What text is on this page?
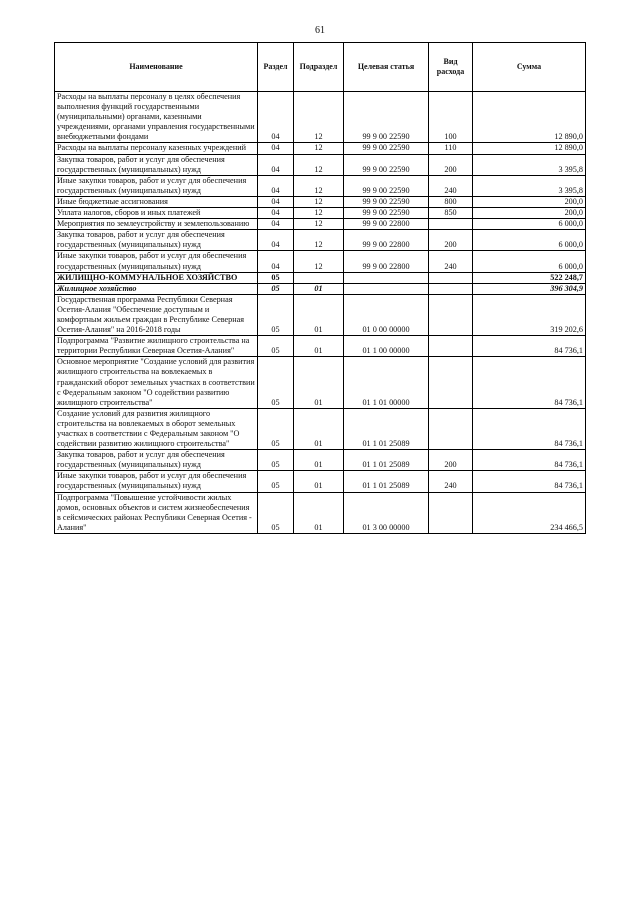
61
Наименование	Раздел	Подраздел	Целевая статья	Вид расхода	Сумма
Расходы на выплаты персоналу в целях обеспечения выполнения функций государственными (муниципальными) органами, казенными учреждениями, органами управления государственными внебюджетными фондами	04	12	99 9 00 22590	100	12 890,0
Расходы на выплаты персоналу казенных учреждений	04	12	99 9 00 22590	110	12 890,0
Закупка товаров, работ и услуг для обеспечения государственных (муниципальных) нужд	04	12	99 9 00 22590	200	3 395,8
Иные закупки товаров, работ и услуг для обеспечения государственных (муниципальных) нужд	04	12	99 9 00 22590	240	3 395,8
Иные бюджетные ассигнования	04	12	99 9 00 22590	800	200,0
Уплата налогов, сборов и иных платежей	04	12	99 9 00 22590	850	200,0
Мероприятия по землеустройству и землепользованию	04	12	99 9 00 22800		6 000,0
Закупка товаров, работ и услуг для обеспечения государственных (муниципальных) нужд	04	12	99 9 00 22800	200	6 000,0
Иные закупки товаров, работ и услуг для обеспечения государственных (муниципальных) нужд	04	12	99 9 00 22800	240	6 000,0
ЖИЛИЩНО-КОММУНАЛЬНОЕ ХОЗЯЙСТВО	05				522 248,7
Жилищное хозяйство	05	01			396 304,9
Государственная программа Республики Северная Осетия-Алания "Обеспечение доступным и комфортным жильем граждан в Республике Северная Осетия-Алания" на 2016-2018 годы	05	01	01 0 00 00000		319 202,6
Подпрограмма "Развитие жилищного строительства на территории Республики Северная Осетия-Алания"	05	01	01 1 00 00000		84 736,1
Основное мероприятие "Создание условий для развития жилищного строительства на вовлекаемых в гражданский оборот земельных участках в соответствии с Федеральным законом "О содействии развитию жилищного строительства"	05	01	01 1 01 00000		84 736,1
Создание условий для развития жилищного строительства на вовлекаемых в оборот земельных участках в соответствии с Федеральным законом "О содействии развитию жилищного строительства"	05	01	01 1 01 25089		84 736,1
Закупка товаров, работ и услуг для обеспечения государственных (муниципальных) нужд	05	01	01 1 01 25089	200	84 736,1
Иные закупки товаров, работ и услуг для обеспечения государственных (муниципальных) нужд	05	01	01 1 01 25089	240	84 736,1
Подпрограмма "Повышение устойчивости жилых домов, основных объектов и систем жизнеобеспечения в сейсмических районах Республики Северная Осетия - Алания"	05	01	01 3 00 00000		234 466,5
